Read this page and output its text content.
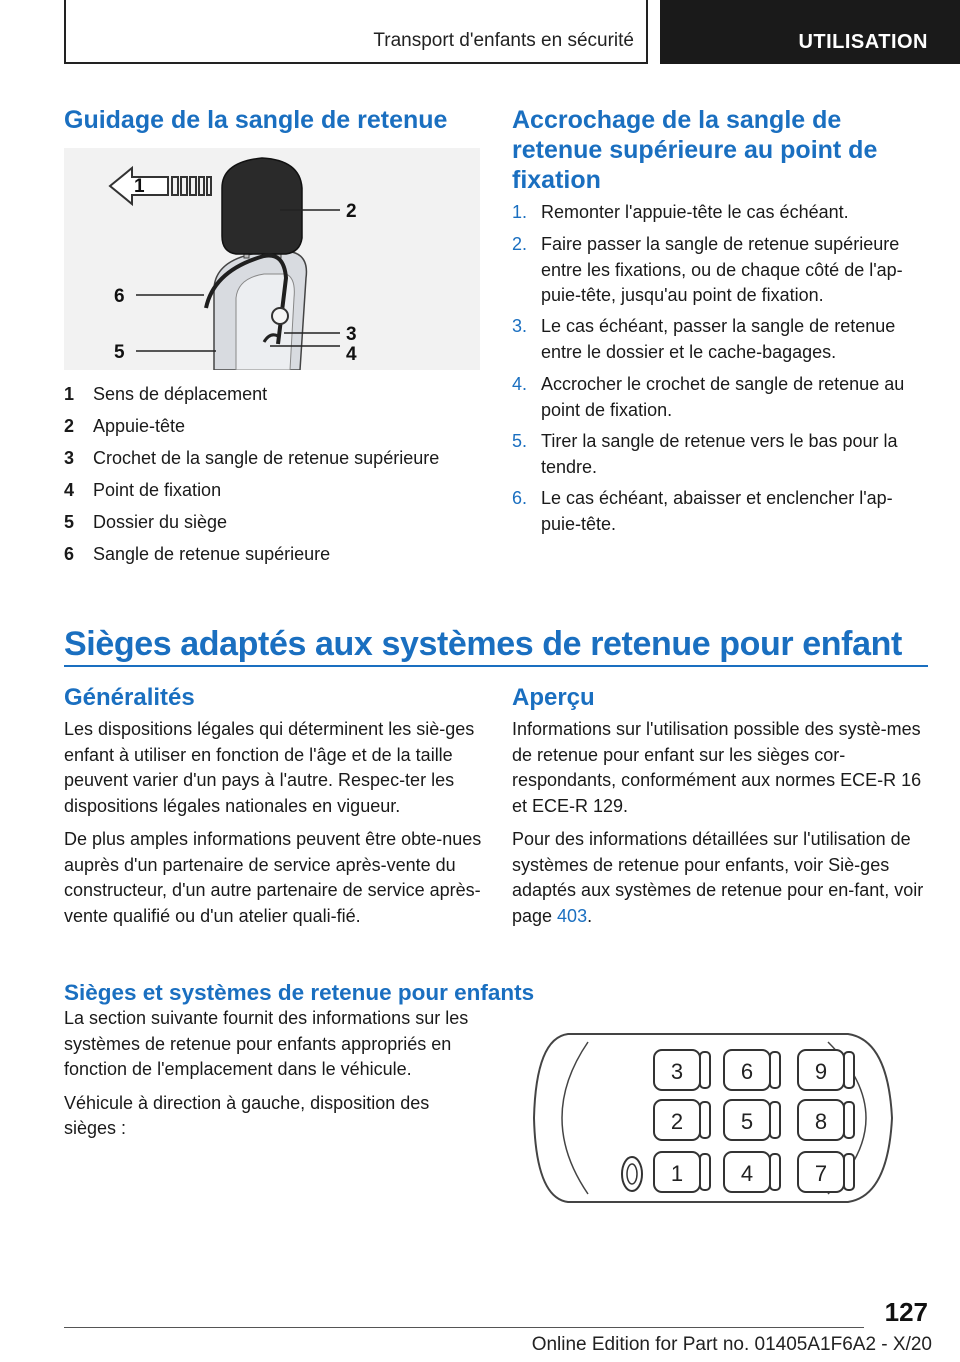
Transport d'enfants en sécurité	UTILISATION
Guidage de la sangle de retenue
1
2
3
4
5
6
1 Sens de déplacement
2 Appuie-tête
3 Crochet de la sangle de retenue supérieure
4 Point de fixation
5 Dossier du siège
6 Sangle de retenue supérieure
Accrochage de la sangle de retenue supérieure au point de fixation
1. Remonter l'appuie-tête le cas échéant.
2. Faire passer la sangle de retenue supérieure entre les fixations, ou de chaque côté de l'ap-puie-tête, jusqu'au point de fixation.
3. Le cas échéant, passer la sangle de retenue entre le dossier et le cache-bagages.
4. Accrocher le crochet de sangle de retenue au point de fixation.
5. Tirer la sangle de retenue vers le bas pour la tendre.
6. Le cas échéant, abaisser et enclencher l'ap-puie-tête.
Sièges adaptés aux systèmes de retenue pour enfant
Généralités

Les dispositions légales qui déterminent les siè-ges enfant à utiliser en fonction de l'âge et de la taille peuvent varier d'un pays à l'autre. Respec-ter les dispositions légales nationales en vigueur.

De plus amples informations peuvent être obte-nues auprès d'un partenaire de service après-vente du constructeur, d'un autre partenaire de service après-vente qualifié ou d'un atelier quali-fié.

Aperçu

Informations sur l'utilisation possible des systè-mes de retenue pour enfant sur les sièges cor-respondants, conformément aux normes ECE-R 16 et ECE-R 129.

Pour des informations détaillées sur l'utilisation de systèmes de retenue pour enfants, voir Siè-ges adaptés aux systèmes de retenue pour en-fant, voir page 403.

Sièges et systèmes de retenue pour enfants

La section suivante fournit des informations sur les systèmes de retenue pour enfants appropriés en fonction de l'emplacement dans le véhicule.

Véhicule à direction à gauche, disposition des sièges :

3	6	9
2	5	8
1	4	7
127
Online Edition for Part no. 01405A1F6A2 - X/20
